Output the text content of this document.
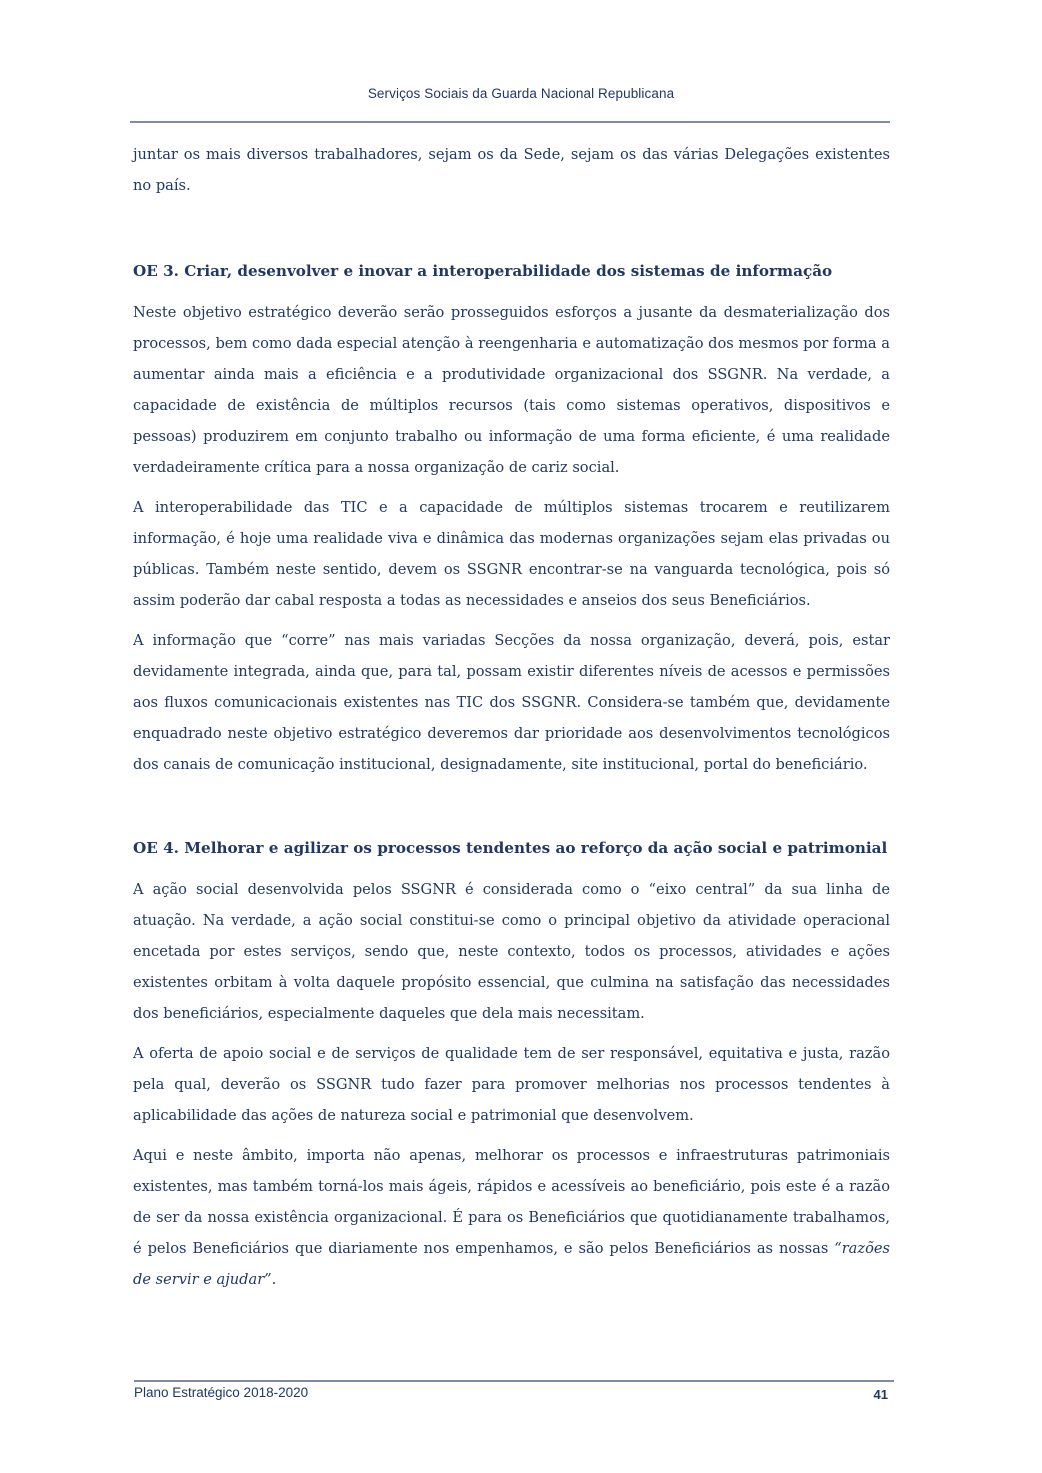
Serviços Sociais da Guarda Nacional Republicana

juntar os mais diversos trabalhadores, sejam os da Sede, sejam os das várias Delegações existentes no país.

OE 3. Criar, desenvolver e inovar a interoperabilidade dos sistemas de informação

Neste objetivo estratégico deverão serão prosseguidos esforços a jusante da desmaterialização dos processos, bem como dada especial atenção à reengenharia e automatização dos mesmos por forma a aumentar ainda mais a eficiência e a produtividade organizacional dos SSGNR. Na verdade, a capacidade de existência de múltiplos recursos (tais como sistemas operativos, dispositivos e pessoas) produzirem em conjunto trabalho ou informação de uma forma eficiente, é uma realidade verdadeiramente crítica para a nossa organização de cariz social.

A interoperabilidade das TIC e a capacidade de múltiplos sistemas trocarem e reutilizarem informação, é hoje uma realidade viva e dinâmica das modernas organizações sejam elas privadas ou públicas. Também neste sentido, devem os SSGNR encontrar-se na vanguarda tecnológica, pois só assim poderão dar cabal resposta a todas as necessidades e anseios dos seus Beneficiários.

A informação que “corre” nas mais variadas Secções da nossa organização, deverá, pois, estar devidamente integrada, ainda que, para tal, possam existir diferentes níveis de acessos e permissões aos fluxos comunicacionais existentes nas TIC dos SSGNR. Considera-se também que, devidamente enquadrado neste objetivo estratégico deveremos dar prioridade aos desenvolvimentos tecnológicos dos canais de comunicação institucional, designadamente, site institucional, portal do beneficiário.

OE 4. Melhorar e agilizar os processos tendentes ao reforço da ação social e patrimonial

A ação social desenvolvida pelos SSGNR é considerada como o “eixo central” da sua linha de atuação. Na verdade, a ação social constitui-se como o principal objetivo da atividade operacional encetada por estes serviços, sendo que, neste contexto, todos os processos, atividades e ações existentes orbitam à volta daquele propósito essencial, que culmina na satisfação das necessidades dos beneficiários, especialmente daqueles que dela mais necessitam.

A oferta de apoio social e de serviços de qualidade tem de ser responsável, equitativa e justa, razão pela qual, deverão os SSGNR tudo fazer para promover melhorias nos processos tendentes à aplicabilidade das ações de natureza social e patrimonial que desenvolvem.

Aqui e neste âmbito, importa não apenas, melhorar os processos e infraestruturas patrimoniais existentes, mas também torná-los mais ágeis, rápidos e acessíveis ao beneficiário, pois este é a razão de ser da nossa existência organizacional. É para os Beneficiários que quotidianamente trabalhamos, é pelos Beneficiários que diariamente nos empenhamos, e são pelos Beneficiários as nossas “razões de servir e ajudar”.

Plano Estratégico 2018-2020	41
